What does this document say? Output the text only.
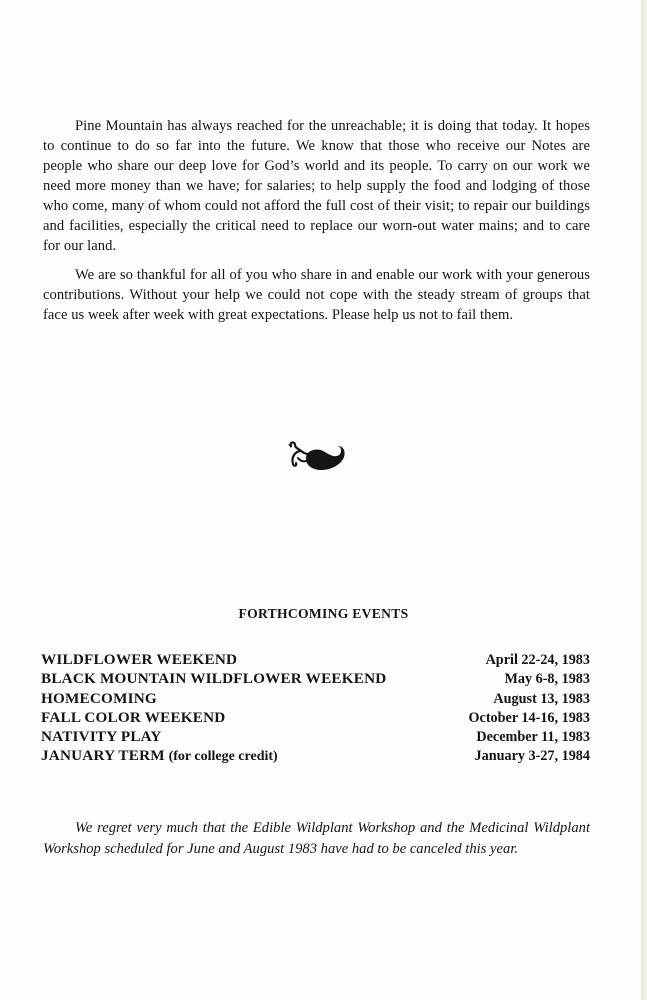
Pine Mountain has always reached for the unreachable; it is doing that today. It hopes to continue to do so far into the future. We know that those who receive our Notes are people who share our deep love for God’s world and its people. To carry on our work we need more money than we have; for salaries; to help supply the food and lodging of those who come, many of whom could not afford the full cost of their visit; to repair our buildings and facilities, especially the critical need to replace our worn-out water mains; and to care for our land.

We are so thankful for all of you who share in and enable our work with your generous contributions. Without your help we could not cope with the steady stream of groups that face us week after week with great expectations. Please help us not to fail them.

FORTHCOMING EVENTS
WILDFLOWER WEEKEND	April 22-24, 1983
BLACK MOUNTAIN WILDFLOWER WEEKEND	May 6-8, 1983
HOMECOMING	August 13, 1983
FALL COLOR WEEKEND	October 14-16, 1983
NATIVITY PLAY	December 11, 1983
JANUARY TERM (for college credit)	January 3-27, 1984

We regret very much that the Edible Wildplant Workshop and the Medicinal Wildplant Workshop scheduled for June and August 1983 have had to be canceled this year.
